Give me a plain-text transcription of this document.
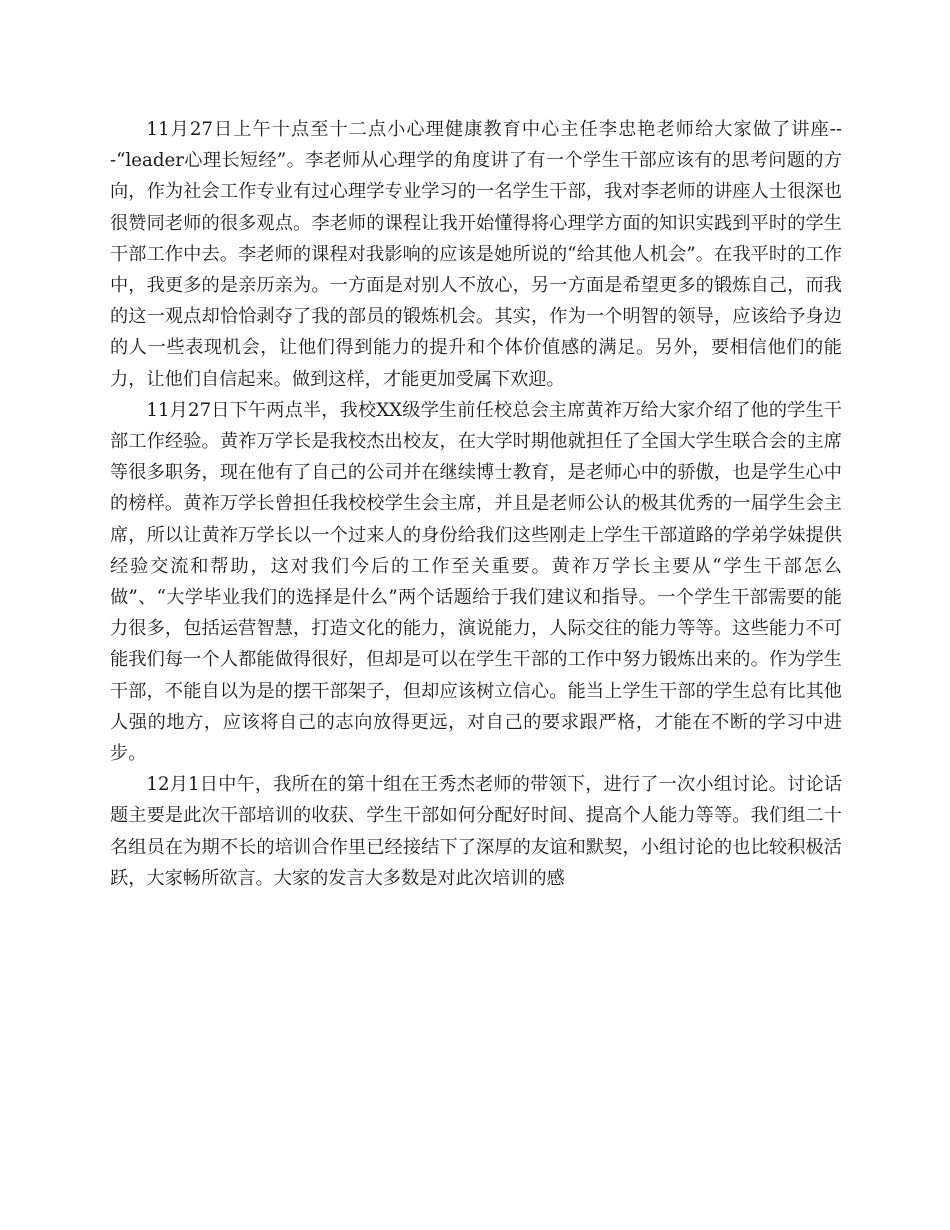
11月27日上午十点至十二点小心理健康教育中心主任李忠艳老师给大家做了讲座---“leader心理长短经”。李老师从心理学的角度讲了有一个学生干部应该有的思考问题的方向，作为社会工作专业有过心理学专业学习的一名学生干部，我对李老师的讲座人士很深也很赞同老师的很多观点。李老师的课程让我开始懂得将心理学方面的知识实践到平时的学生干部工作中去。李老师的课程对我影响的应该是她所说的“给其他人机会”。在我平时的工作中，我更多的是亲历亲为。一方面是对别人不放心，另一方面是希望更多的锻炼自己，而我的这一观点却恰恰剥夺了我的部员的锻炼机会。其实，作为一个明智的领导，应该给予身边的人一些表现机会，让他们得到能力的提升和个体价值感的满足。另外，要相信他们的能力，让他们自信起来。做到这样，才能更加受属下欢迎。

11月27日下午两点半，我校XX级学生前任校总会主席黄祚万给大家介绍了他的学生干部工作经验。黄祚万学长是我校杰出校友，在大学时期他就担任了全国大学生联合会的主席等很多职务，现在他有了自己的公司并在继续博士教育，是老师心中的骄傲，也是学生心中的榜样。黄祚万学长曾担任我校校学生会主席，并且是老师公认的极其优秀的一届学生会主席，所以让黄祚万学长以一个过来人的身份给我们这些刚走上学生干部道路的学弟学妹提供经验交流和帮助，这对我们今后的工作至关重要。黄祚万学长主要从“学生干部怎么做”、“大学毕业我们的选择是什么”两个话题给于我们建议和指导。一个学生干部需要的能力很多，包括运营智慧，打造文化的能力，演说能力，人际交往的能力等等。这些能力不可能我们每一个人都能做得很好，但却是可以在学生干部的工作中努力锻炼出来的。作为学生干部，不能自以为是的摆干部架子，但却应该树立信心。能当上学生干部的学生总有比其他人强的地方，应该将自己的志向放得更远，对自己的要求跟严格，才能在不断的学习中进步。

12月1日中午，我所在的第十组在王秀杰老师的带领下，进行了一次小组讨论。讨论话题主要是此次干部培训的收获、学生干部如何分配好时间、提高个人能力等等。我们组二十名组员在为期不长的培训合作里已经接结下了深厚的友谊和默契，小组讨论的也比较积极活跃，大家畅所欲言。大家的发言大多数是对此次培训的感
